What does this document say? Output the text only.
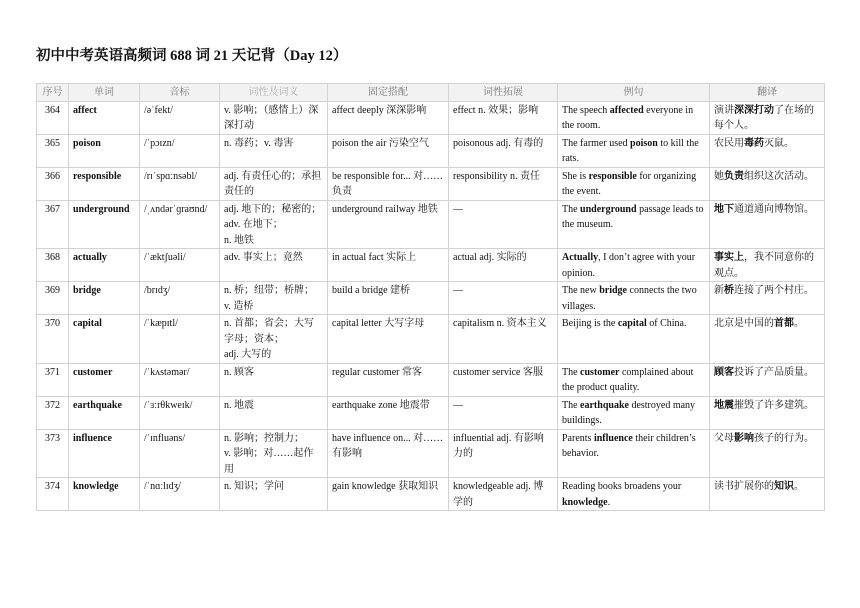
初中中考英语高频词 688 词 21 天记背（Day 12）
序号	单词	音标	词性及词义	固定搭配	词性拓展	例句	翻译
364	affect	/əˈfekt/	v. 影响；（感情上）深深打动	affect deeply 深深影响	effect n. 效果；影响	The speech affected everyone in the room.	演讲深深打动了在场的每个人。
365	poison	/ˈpɔɪzn/	n. 毒药；v. 毒害	poison the air 污染空气	poisonous adj. 有毒的	The farmer used poison to kill the rats.	农民用毒药灭鼠。
366	responsible	/rɪˈspɑːnsəbl/	adj. 有责任心的；承担责任的	be responsible for... 对……负责	responsibility n. 责任	She is responsible for organizing the event.	她负责组织这次活动。
367	underground	/ˌʌndərˈɡraʊnd/	adj. 地下的；秘密的；
adv. 在地下；
n. 地铁	underground railway 地铁	—	The underground passage leads to the museum.	地下通道通向博物馆。
368	actually	/ˈæktʃuəli/	adv. 事实上；竟然	in actual fact 实际上	actual adj. 实际的	Actually, I don’t agree with your opinion.	事实上，我不同意你的观点。
369	bridge	/brɪdʒ/	n. 桥；纽带；桥牌；
v. 造桥	build a bridge 建桥	—	The new bridge connects the two villages.	新桥连接了两个村庄。
370	capital	/ˈkæpɪtl/	n. 首都；省会；大写字母；资本；
adj. 大写的	capital letter 大写字母	capitalism n. 资本主义	Beijing is the capital of China.	北京是中国的首都。
371	customer	/ˈkʌstəmər/	n. 顾客	regular customer 常客	customer service 客服	The customer complained about the product quality.	顾客投诉了产品质量。
372	earthquake	/ˈɜːrθkweɪk/	n. 地震	earthquake zone 地震带	—	The earthquake destroyed many buildings.	地震摧毁了许多建筑。
373	influence	/ˈɪnfluəns/	n. 影响；控制力；
v. 影响；对……起作用	have influence on... 对……有影响	influential adj. 有影响力的	Parents influence their children’s behavior.	父母影响孩子的行为。
374	knowledge	/ˈnɑːlɪdʒ/	n. 知识；学问	gain knowledge 获取知识	knowledgeable adj. 博学的	Reading books broadens your knowledge.	读书扩展你的知识。
